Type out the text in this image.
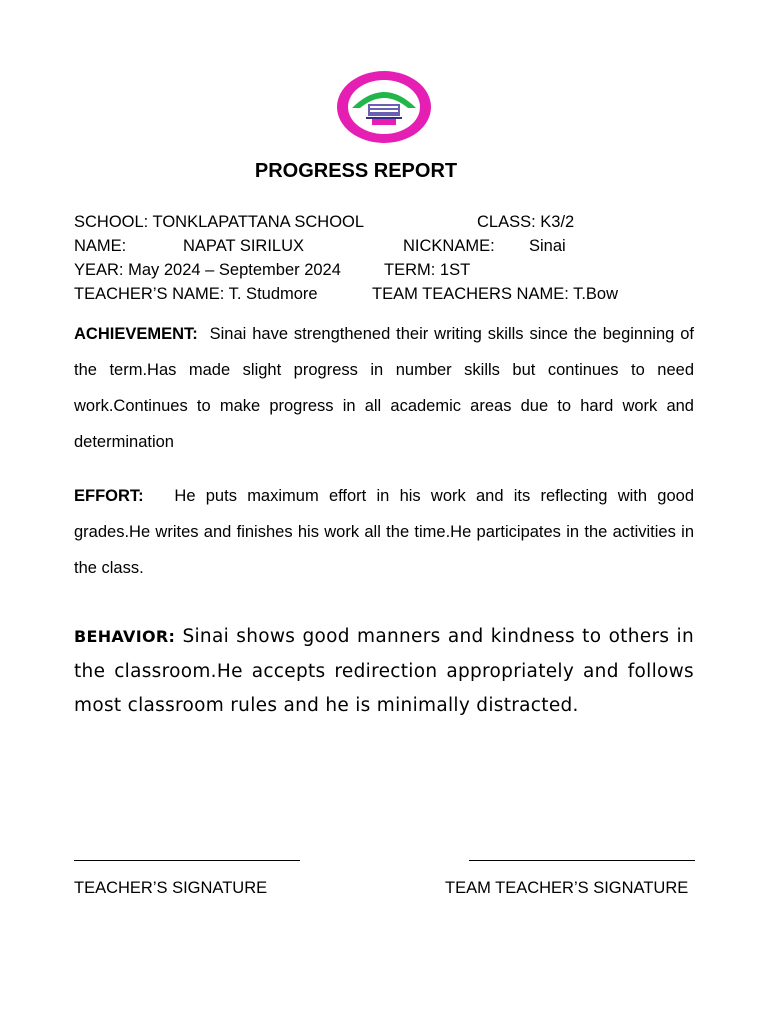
PROGRESS REPORT
SCHOOL: TONKLAPATTANA SCHOOL	CLASS: K3/2
NAME:	NAPAT SIRILUX	NICKNAME: Sinai
YEAR: May 2024 – September 2024	TERM: 1ST
TEACHER’S NAME: T. Studmore	TEAM TEACHERS NAME: T.Bow
ACHIEVEMENT: Sinai have strengthened their writing skills since the beginning of the term.Has made slight progress in number skills but continues to need work.Continues to make progress in all academic areas due to hard work and determination
EFFORT: He puts maximum effort in his work and its reflecting with good grades.He writes and finishes his work all the time.He participates in the activities in the class.
BEHAVIOR: Sinai shows good manners and kindness to others in the classroom.He accepts redirection appropriately and follows most classroom rules and he is minimally distracted.
TEACHER’S SIGNATURE	TEAM TEACHER’S SIGNATURE
